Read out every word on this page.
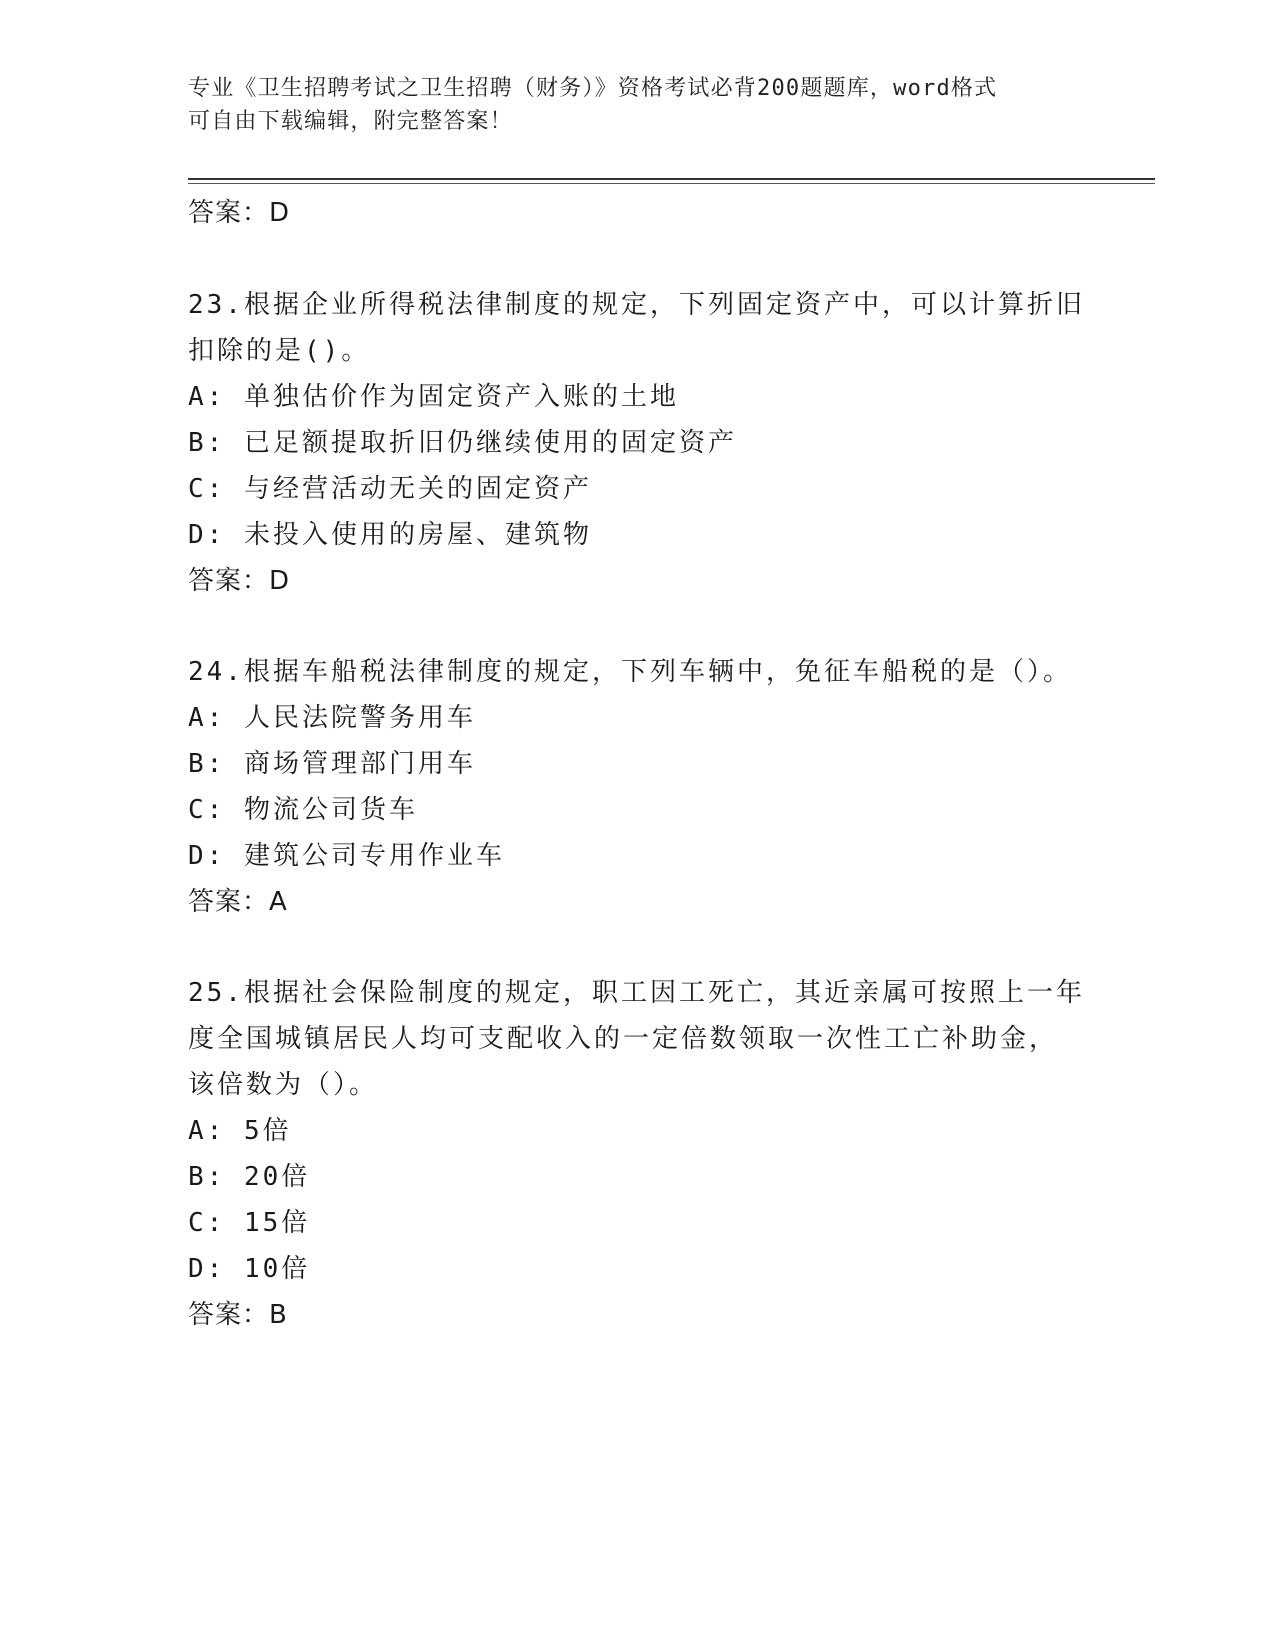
专业《卫生招聘考试之卫生招聘（财务）》资格考试必背200题题库，word格式
可自由下载编辑，附完整答案！
答案：D
23.根据企业所得税法律制度的规定，下列固定资产中，可以计算折旧
扣除的是()。
A: 单独估价作为固定资产入账的土地
B: 已足额提取折旧仍继续使用的固定资产
C: 与经营活动无关的固定资产
D: 未投入使用的房屋、建筑物
答案：D
24.根据车船税法律制度的规定，下列车辆中，免征车船税的是（）。
A: 人民法院警务用车
B: 商场管理部门用车
C: 物流公司货车
D: 建筑公司专用作业车
答案：A
25.根据社会保险制度的规定，职工因工死亡，其近亲属可按照上一年
度全国城镇居民人均可支配收入的一定倍数领取一次性工亡补助金，
该倍数为（）。
A: 5倍
B: 20倍
C: 15倍
D: 10倍
答案：B
